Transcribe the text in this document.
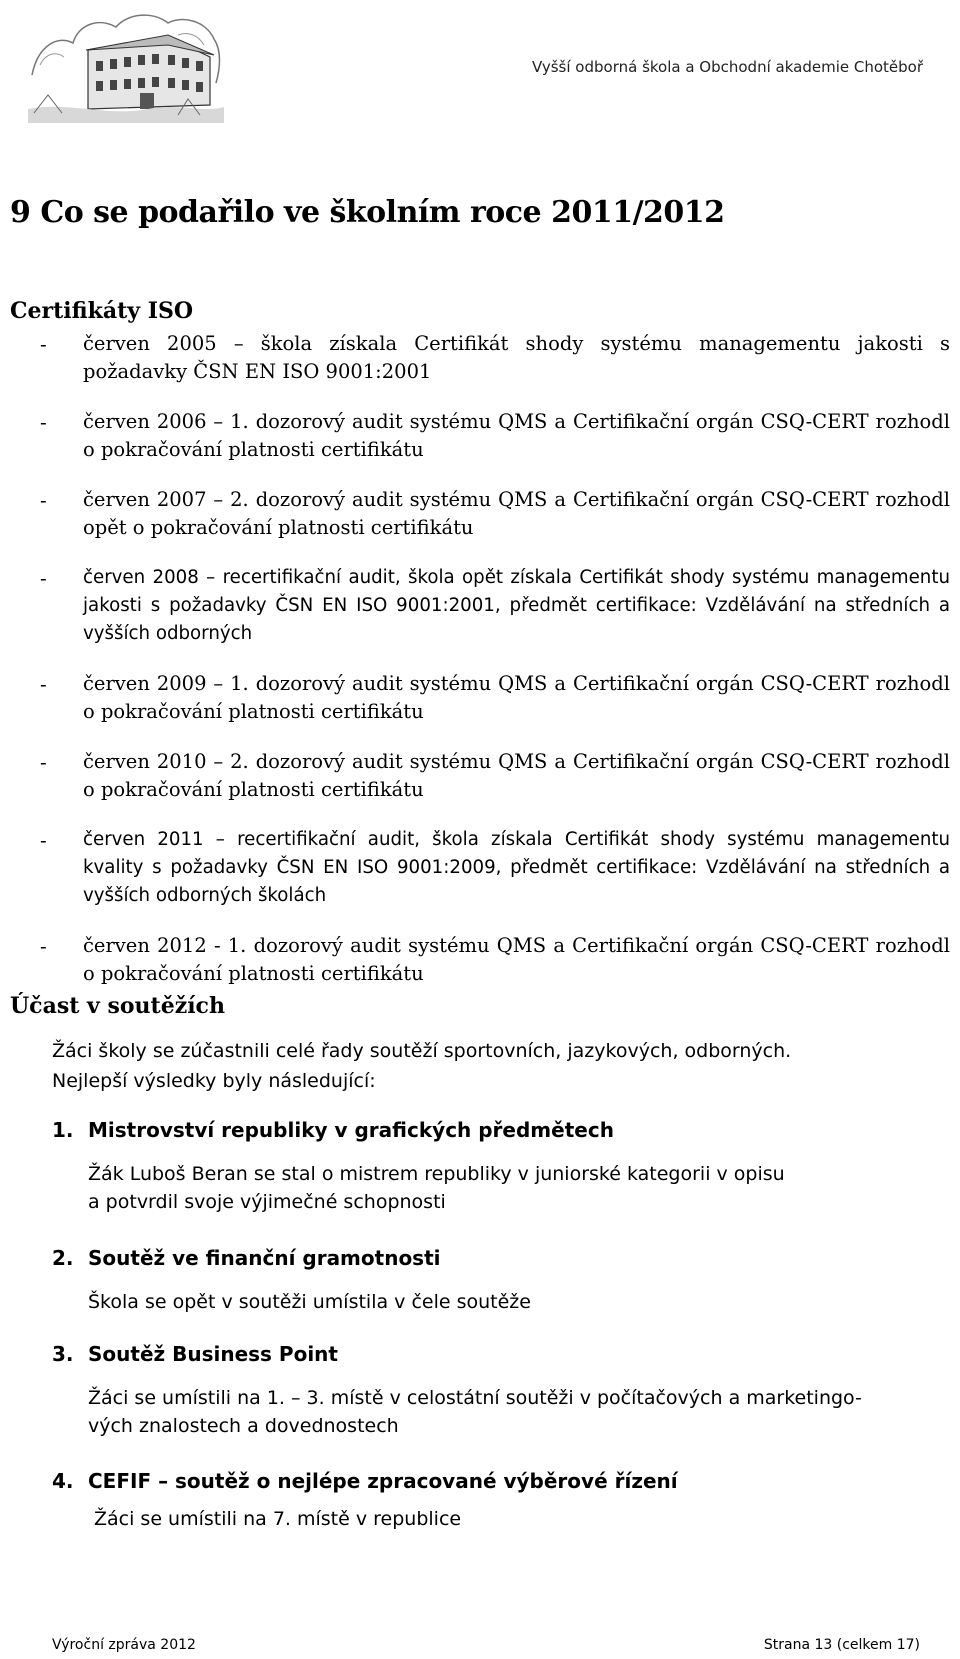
Vyšší odborná škola a Obchodní akademie Chotěboř
9 Co se podařilo ve školním roce 2011/2012
Certifikáty ISO
- červen 2005 – škola získala Certifikát shody systému managementu jakosti s požadavky ČSN EN ISO 9001:2001
- červen 2006 – 1. dozorový audit systému QMS a Certifikační orgán CSQ-CERT rozhodl o pokračování platnosti certifikátu
- červen 2007 – 2. dozorový audit systému QMS a Certifikační orgán CSQ-CERT rozhodl opět o pokračování platnosti certifikátu
- červen 2008 – recertifikační audit, škola opět získala Certifikát shody systému managementu jakosti s požadavky ČSN EN ISO 9001:2001, předmět certifikace: Vzdělávání na středních a vyšších odborných
- červen 2009 – 1. dozorový audit systému QMS a Certifikační orgán CSQ-CERT rozhodl o pokračování platnosti certifikátu
- červen 2010 – 2. dozorový audit systému QMS a Certifikační orgán CSQ-CERT rozhodl o pokračování platnosti certifikátu
- červen 2011 – recertifikační audit, škola získala Certifikát shody systému managementu kvality s požadavky ČSN EN ISO 9001:2009, předmět certifikace: Vzdělávání na středních a vyšších odborných školách
- červen 2012 - 1. dozorový audit systému QMS a Certifikační orgán CSQ-CERT rozhodl o pokračování platnosti certifikátu
Účast v soutěžích
Žáci školy se zúčastnili celé řady soutěží sportovních, jazykových, odborných.
Nejlepší výsledky byly následující:
1. Mistrovství republiky v grafických předmětech
Žák Luboš Beran se stal o mistrem republiky v juniorské kategorii v opisu
a potvrdil svoje výjimečné schopnosti
2. Soutěž ve finanční gramotnosti
Škola se opět v soutěži umístila v čele soutěže
3. Soutěž Business Point
Žáci se umístili na 1. – 3. místě v celostátní soutěži v počítačových a marketingo-
vých znalostech a dovednostech
4. CEFIF – soutěž o nejlépe zpracované výběrové řízení
Žáci se umístili na 7. místě v republice
Výroční zpráva 2012	Strana 13 (celkem 17)
